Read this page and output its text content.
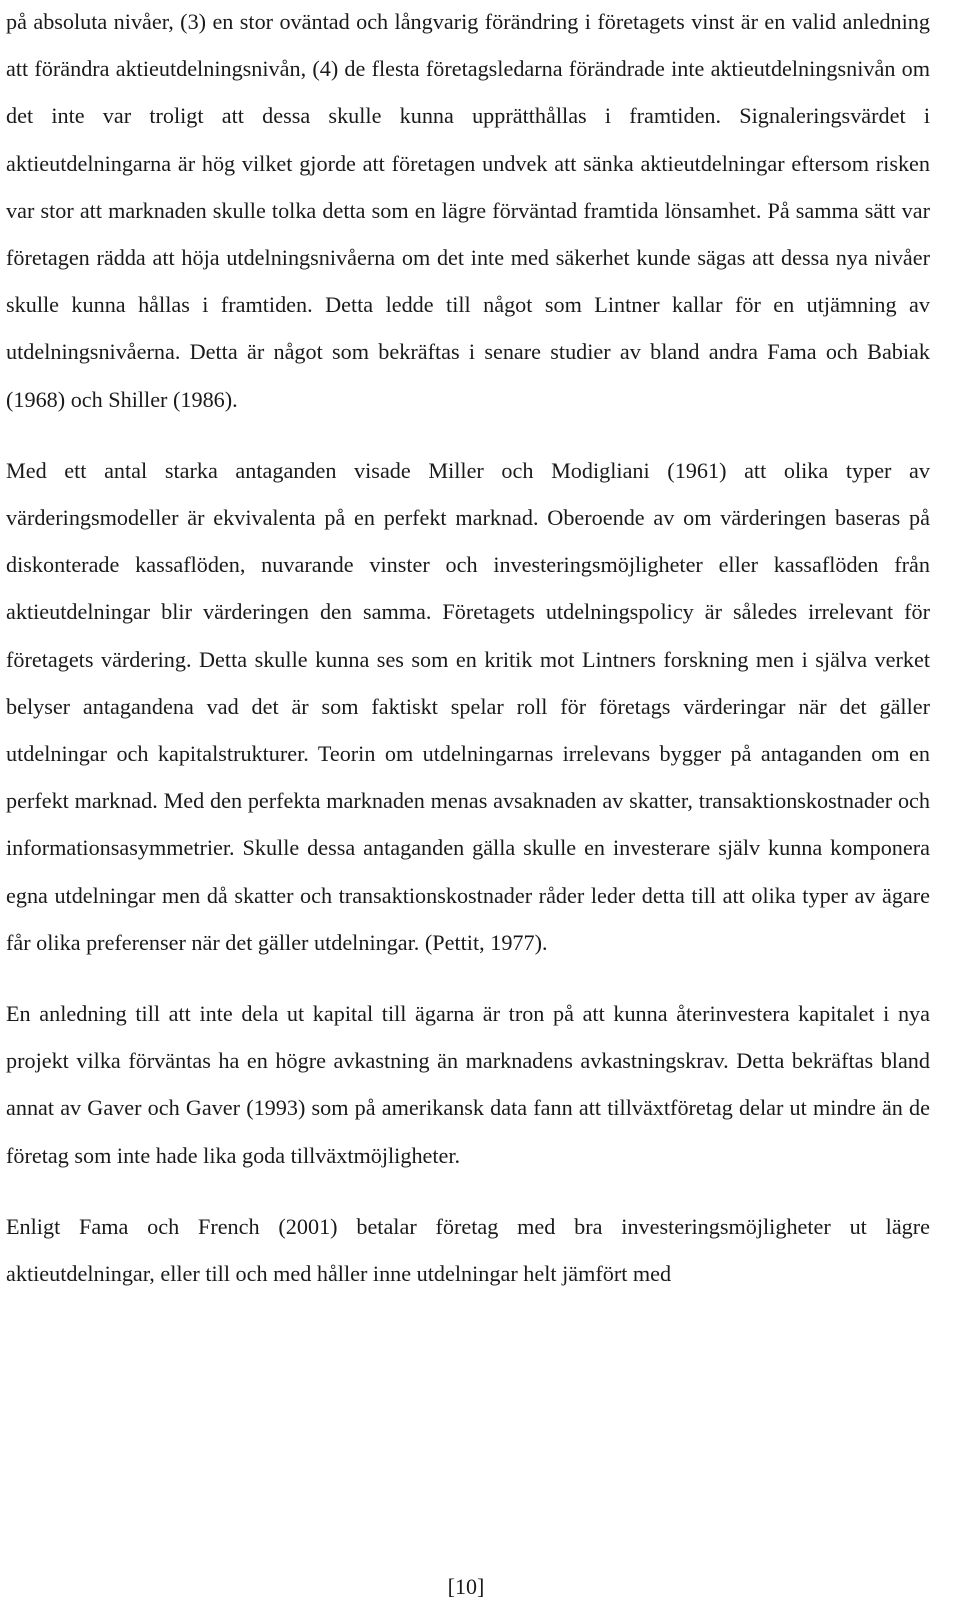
på absoluta nivåer, (3) en stor oväntad och långvarig förändring i företagets vinst är en valid anledning att förändra aktieutdelningsnivån, (4) de flesta företagsledarna förändrade inte aktieutdelningsnivån om det inte var troligt att dessa skulle kunna upprätthållas i framtiden. Signaleringsvärdet i aktieutdelningarna är hög vilket gjorde att företagen undvek att sänka aktieutdelningar eftersom risken var stor att marknaden skulle tolka detta som en lägre förväntad framtida lönsamhet. På samma sätt var företagen rädda att höja utdelningsnivåerna om det inte med säkerhet kunde sägas att dessa nya nivåer skulle kunna hållas i framtiden. Detta ledde till något som Lintner kallar för en utjämning av utdelningsnivåerna. Detta är något som bekräftas i senare studier av bland andra Fama och Babiak (1968) och Shiller (1986).

Med ett antal starka antaganden visade Miller och Modigliani (1961) att olika typer av värderingsmodeller är ekvivalenta på en perfekt marknad. Oberoende av om värderingen baseras på diskonterade kassaflöden, nuvarande vinster och investeringsmöjligheter eller kassaflöden från aktieutdelningar blir värderingen den samma. Företagets utdelningspolicy är således irrelevant för företagets värdering. Detta skulle kunna ses som en kritik mot Lintners forskning men i själva verket belyser antagandena vad det är som faktiskt spelar roll för företags värderingar när det gäller utdelningar och kapitalstrukturer. Teorin om utdelningarnas irrelevans bygger på antaganden om en perfekt marknad. Med den perfekta marknaden menas avsaknaden av skatter, transaktionskostnader och informationsasymmetrier. Skulle dessa antaganden gälla skulle en investerare själv kunna komponera egna utdelningar men då skatter och transaktionskostnader råder leder detta till att olika typer av ägare får olika preferenser när det gäller utdelningar. (Pettit, 1977).

En anledning till att inte dela ut kapital till ägarna är tron på att kunna återinvestera kapitalet i nya projekt vilka förväntas ha en högre avkastning än marknadens avkastningskrav. Detta bekräftas bland annat av Gaver och Gaver (1993) som på amerikansk data fann att tillväxtföretag delar ut mindre än de företag som inte hade lika goda tillväxtmöjligheter.

Enligt Fama och French (2001) betalar företag med bra investeringsmöjligheter ut lägre aktieutdelningar, eller till och med håller inne utdelningar helt jämfört med

[10]
